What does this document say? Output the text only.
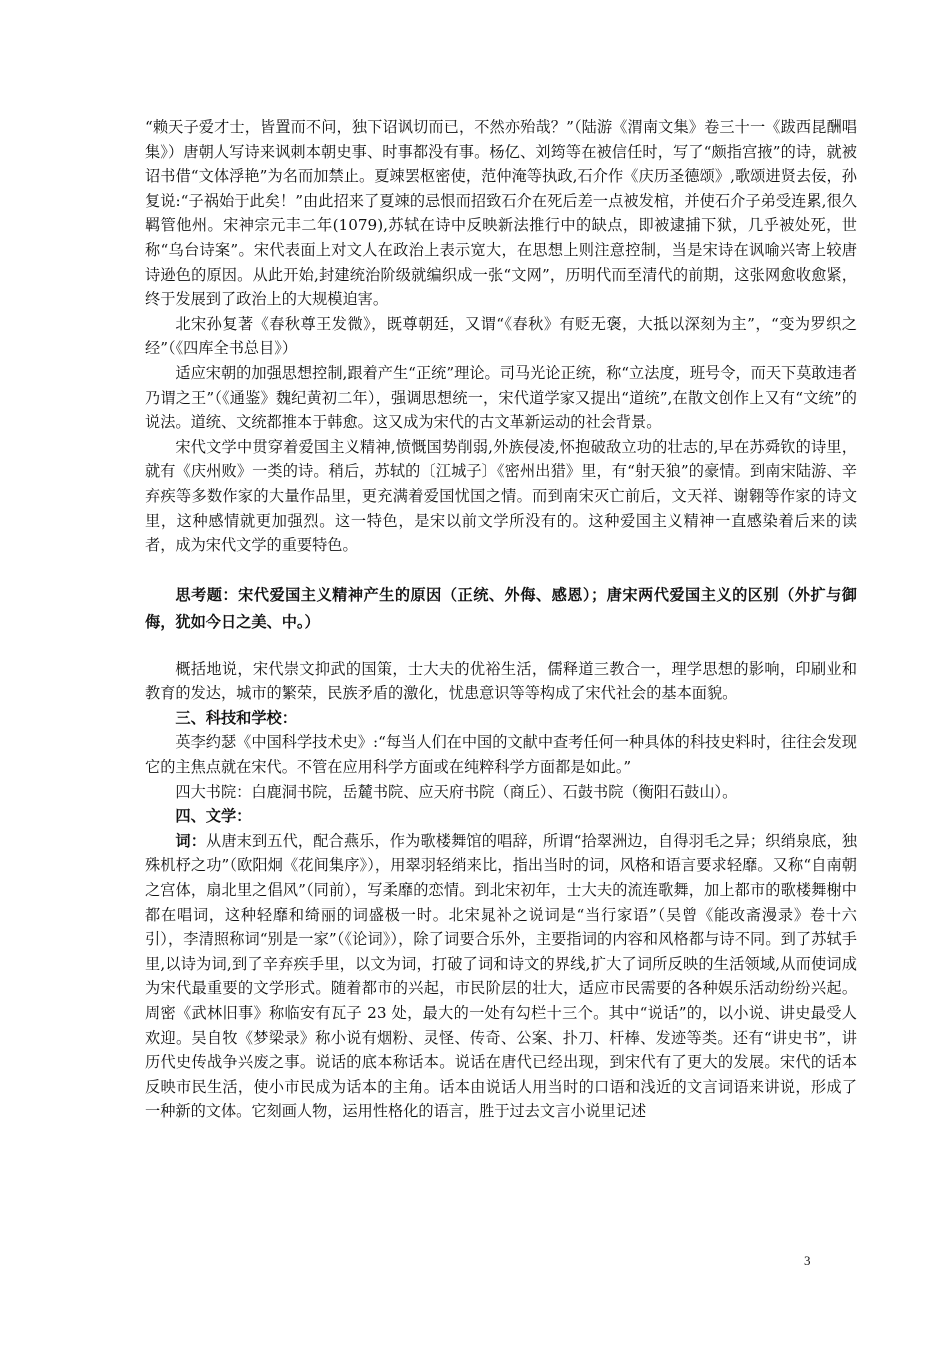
“赖天子爱才士，皆置而不问，独下诏讽切而已，不然亦殆哉？”（陆游《渭南文集》卷三十一《跋西昆酬唱集》）唐朝人写诗来讽刺本朝史事、时事都没有事。杨亿、刘筠等在被信任时，写了“颇指宫掖”的诗，就被诏书借“文体浮艳”为名而加禁止。夏竦罢枢密使，范仲淹等执政,石介作《庆历圣德颂》,歌颂进贤去佞，孙复说:“子祸始于此矣！”由此招来了夏竦的忌恨而招致石介在死后差一点被发棺，并使石介子弟受连累,很久羁管他州。宋神宗元丰二年(1079),苏轼在诗中反映新法推行中的缺点，即被逮捕下狱，几乎被处死，世称“乌台诗案”。宋代表面上对文人在政治上表示宽大，在思想上则注意控制，当是宋诗在讽喻兴寄上较唐诗逊色的原因。从此开始,封建统治阶级就编织成一张“文网”，历明代而至清代的前期，这张网愈收愈紧，终于发展到了政治上的大规模迫害。

北宋孙复著《春秋尊王发微》，既尊朝廷，又谓“《春秋》有贬无褒，大抵以深刻为主”，“变为罗织之经”（《四库全书总目》）

适应宋朝的加强思想控制,跟着产生“正统”理论。司马光论正统，称“立法度，班号令，而天下莫敢违者乃谓之王”（《通鉴》魏纪黄初二年），强调思想统一，宋代道学家又提出“道统”,在散文创作上又有“文统”的说法。道统、文统都推本于韩愈。这又成为宋代的古文革新运动的社会背景。

宋代文学中贯穿着爱国主义精神,愤慨国势削弱,外族侵凌,怀抱破敌立功的壮志的,早在苏舜钦的诗里，就有《庆州败》一类的诗。稍后，苏轼的〔江城子〕《密州出猎》里，有“射天狼”的豪情。到南宋陆游、辛弃疾等多数作家的大量作品里，更充满着爱国忧国之情。而到南宋灭亡前后，文天祥、谢翱等作家的诗文里，这种感情就更加强烈。这一特色，是宋以前文学所没有的。这种爱国主义精神一直感染着后来的读者，成为宋代文学的重要特色。

思考题：宋代爱国主义精神产生的原因（正统、外侮、感恩）；唐宋两代爱国主义的区别（外扩与御侮，犹如今日之美、中。）

概括地说，宋代崇文抑武的国策，士大夫的优裕生活，儒释道三教合一，理学思想的影响，印刷业和教育的发达，城市的繁荣，民族矛盾的激化，忧患意识等等构成了宋代社会的基本面貌。

三、科技和学校：

英李约瑟《中国科学技术史》:“每当人们在中国的文献中查考任何一种具体的科技史料时，往往会发现它的主焦点就在宋代。不管在应用科学方面或在纯粹科学方面都是如此。”

四大书院：白鹿洞书院，岳麓书院、应天府书院（商丘）、石鼓书院（衡阳石鼓山）。

四、文学：

词：从唐末到五代，配合燕乐，作为歌楼舞馆的唱辞，所谓“拾翠洲边，自得羽毛之异；织绡泉底，独殊机杼之功”（欧阳炯《花间集序》），用翠羽轻绡来比，指出当时的词，风格和语言要求轻靡。又称“自南朝之宫体，扇北里之倡风”（同前），写柔靡的恋情。到北宋初年，士大夫的流连歌舞，加上都市的歌楼舞榭中都在唱词，这种轻靡和绮丽的词盛极一时。北宋晁补之说词是“当行家语”（吴曾《能改斋漫录》卷十六引），李清照称词“别是一家”（《论词》），除了词要合乐外，主要指词的内容和风格都与诗不同。到了苏轼手里,以诗为词,到了辛弃疾手里，以文为词，打破了词和诗文的界线,扩大了词所反映的生活领域,从而使词成为宋代最重要的文学形式。随着都市的兴起，市民阶层的壮大，适应市民需要的各种娱乐活动纷纷兴起。周密《武林旧事》称临安有瓦子 23 处，最大的一处有勾栏十三个。其中“说话”的，以小说、讲史最受人欢迎。吴自牧《梦梁录》称小说有烟粉、灵怪、传奇、公案、扑刀、杆棒、发迹等类。还有“讲史书”，讲历代史传战争兴废之事。说话的底本称话本。说话在唐代已经出现，到宋代有了更大的发展。宋代的话本反映市民生活，使小市民成为话本的主角。话本由说话人用当时的口语和浅近的文言词语来讲说，形成了一种新的文体。它刻画人物，运用性格化的语言，胜于过去文言小说里记述

3
